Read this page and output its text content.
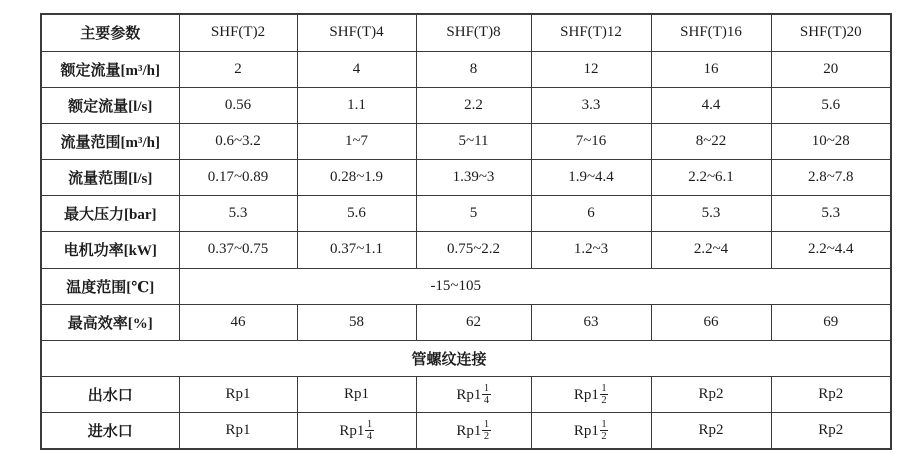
主要参数	SHF(T)2	SHF(T)4	SHF(T)8	SHF(T)12	SHF(T)16	SHF(T)20
额定流量[m³/h]	2	4	8	12	16	20
额定流量[l/s]	0.56	1.1	2.2	3.3	4.4	5.6
流量范围[m³/h]	0.6~3.2	1~7	5~11	7~16	8~22	10~28
流量范围[l/s]	0.17~0.89	0.28~1.9	1.39~3	1.9~4.4	2.2~6.1	2.8~7.8
最大压力[bar]	5.3	5.6	5	6	5.3	5.3
电机功率[kW]	0.37~0.75	0.37~1.1	0.75~2.2	1.2~3	2.2~4	2.2~4.4
温度范围[℃]	-15~105					
最高效率[%]	46	58	62	63	66	69
管螺纹连接						
出水口	Rp1	Rp1	$Rp1 \frac{1}{4}$	$Rp1 \frac{1}{2}$	Rp2	Rp2
进水口	Rp1	$Rp1 \frac{1}{4}$	$Rp1 \frac{1}{2}$	$Rp1 \frac{1}{2}$	Rp2	Rp2
